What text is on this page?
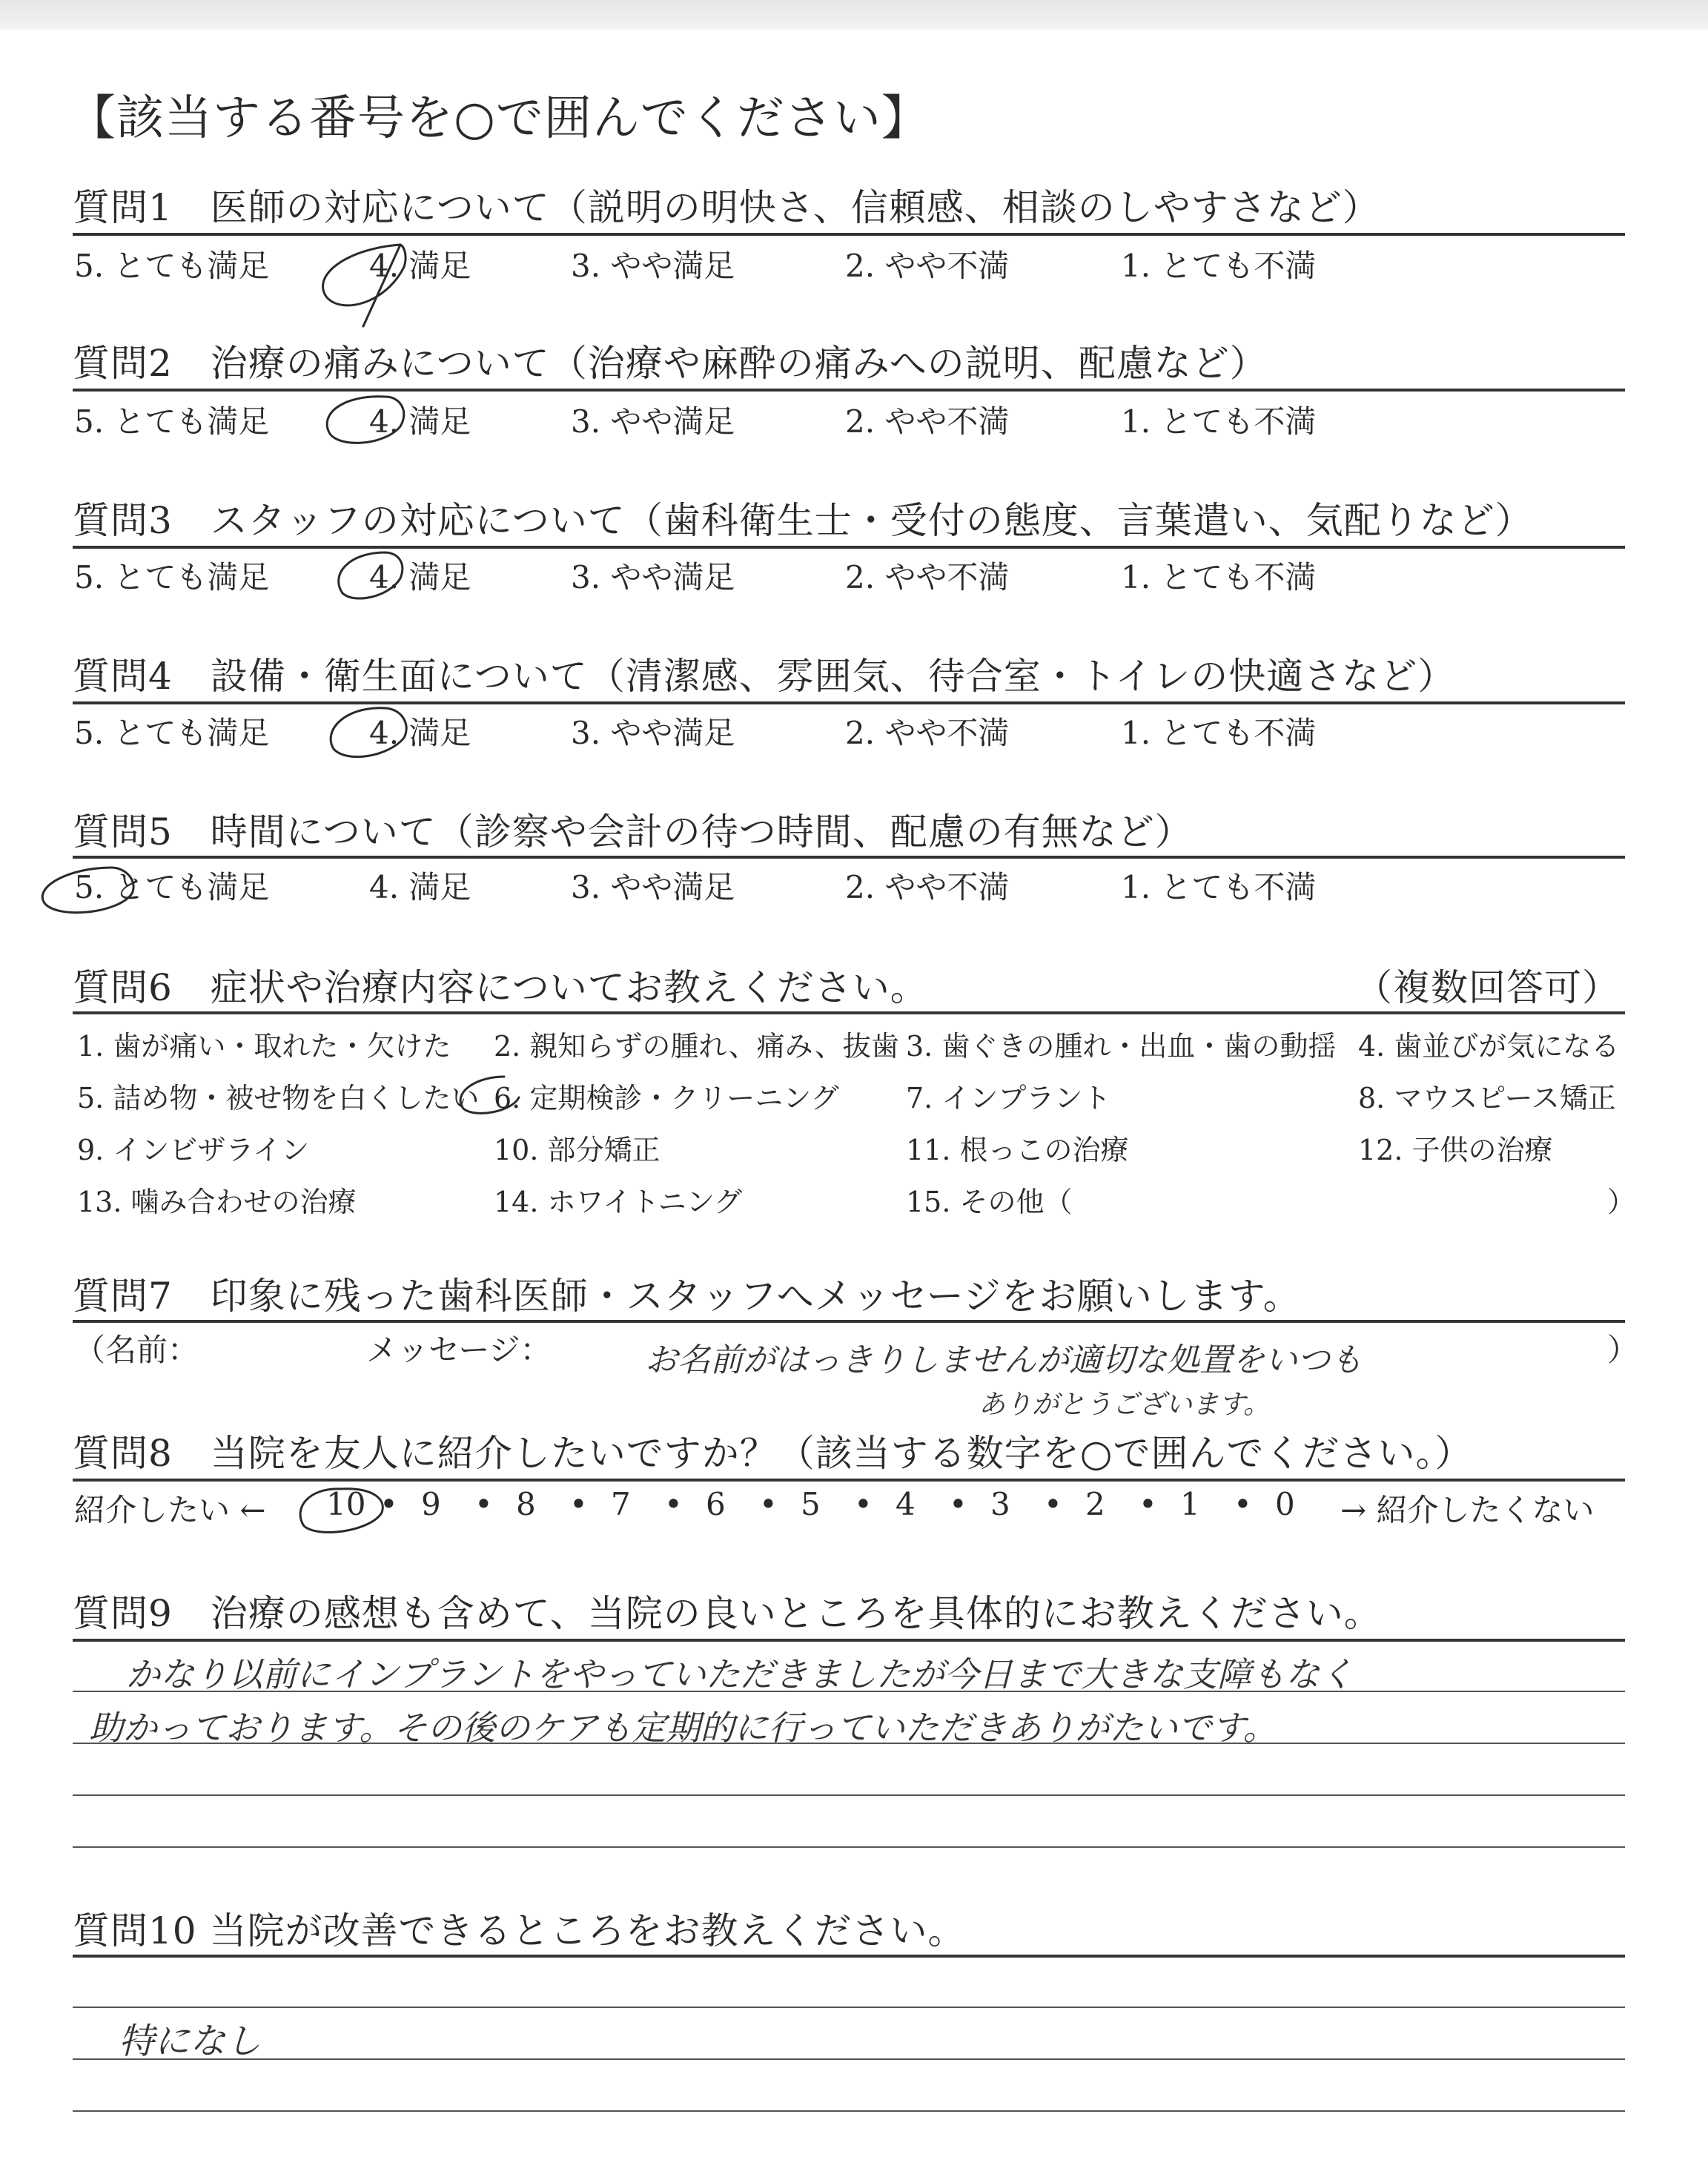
【該当する番号を○で囲んでください】
質問1　医師の対応について（説明の明快さ、信頼感、相談のしやすさなど）
5. とても満足	4. 満足	3. やや満足	2. やや不満	1. とても不満
質問2　治療の痛みについて（治療や麻酔の痛みへの説明、配慮など）
5. とても満足	4. 満足	3. やや満足	2. やや不満	1. とても不満
質問3　スタッフの対応について（歯科衛生士・受付の態度、言葉遣い、気配りなど）
5. とても満足	4. 満足	3. やや満足	2. やや不満	1. とても不満
質問4　設備・衛生面について（清潔感、雰囲気、待合室・トイレの快適さなど）
5. とても満足	4. 満足	3. やや満足	2. やや不満	1. とても不満
質問5　時間について（診察や会計の待つ時間、配慮の有無など）
5. とても満足	4. 満足	3. やや満足	2. やや不満	1. とても不満
質問6　症状や治療内容についてお教えください。	（複数回答可）
1. 歯が痛い・取れた・欠けた 2. 親知らずの腫れ、痛み、抜歯 3. 歯ぐきの腫れ・出血・歯の動揺 4. 歯並びが気になる
5. 詰め物・被せ物を白くしたい 6. 定期検診・クリーニング 7. インプラント	8. マウスピース矯正
9. インビザライン	10. 部分矯正	11. 根っこの治療	12. 子供の治療
13. 噛み合わせの治療	14. ホワイトニング	15. その他（	）
質問7　印象に残った歯科医師・スタッフへメッセージをお願いします。
（名前：	メッセージ：	）
お名前がはっきりしませんが適切な処置をいつも
ありがとうございます。
質問8　当院を友人に紹介したいですか？（該当する数字を○で囲んでください。）
紹介したい ←	→ 紹介したくない
10 • 9 • 8 • 7 • 6 • 5 • 4 • 3 • 2 • 1 • 0
質問9　治療の感想も含めて、当院の良いところを具体的にお教えください。
かなり以前にインプラントをやっていただきましたが今日まで大きな支障もなく
助かっております。その後のケアも定期的に行っていただきありがたいです。
質問10 当院が改善できるところをお教えください。
特になし
